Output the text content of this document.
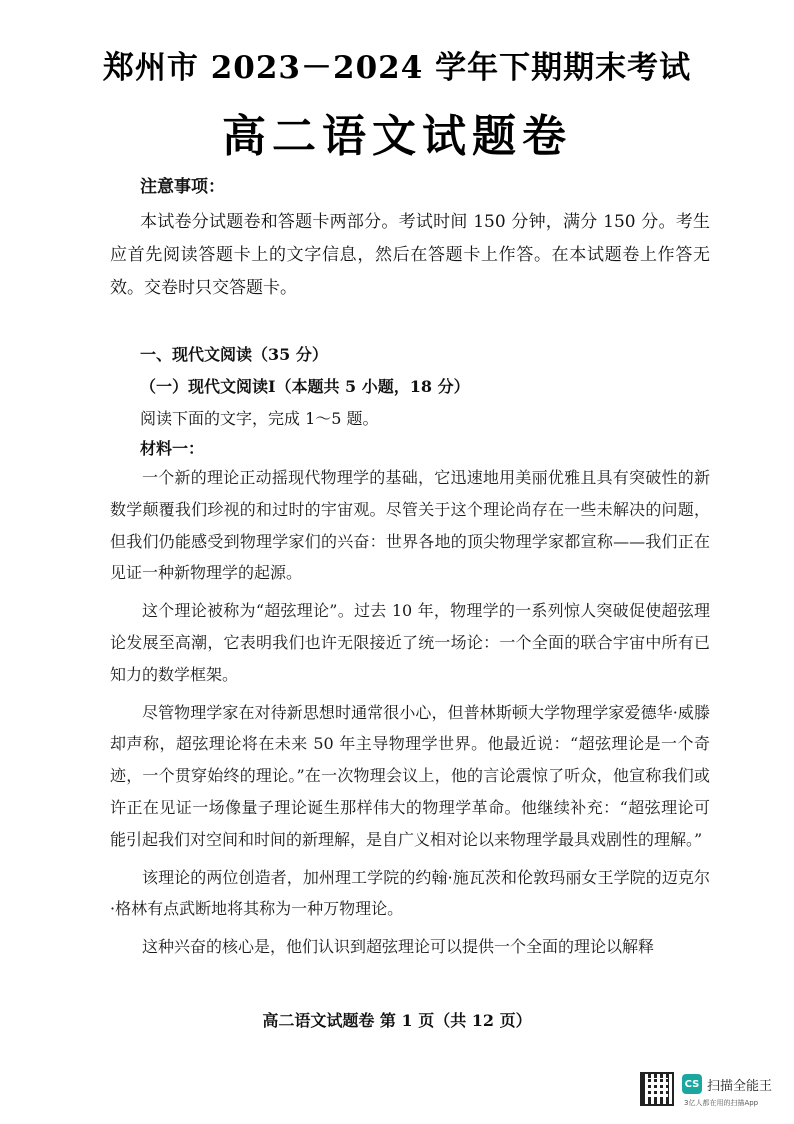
郑州市 2023－2024 学年下期期末考试
高二语文试题卷
注意事项：
本试卷分试题卷和答题卡两部分。考试时间 150 分钟，满分 150 分。考生应首先阅读答题卡上的文字信息，然后在答题卡上作答。在本试题卷上作答无效。交卷时只交答题卡。
一、现代文阅读（35 分）
（一）现代文阅读Ⅰ（本题共 5 小题，18 分）
阅读下面的文字，完成 1～5 题。
材料一：

一个新的理论正动摇现代物理学的基础，它迅速地用美丽优雅且具有突破性的新数学颠覆我们珍视的和过时的宇宙观。尽管关于这个理论尚存在一些未解决的问题，但我们仍能感受到物理学家们的兴奋：世界各地的顶尖物理学家都宣称——我们正在见证一种新物理学的起源。

这个理论被称为“超弦理论”。过去 10 年，物理学的一系列惊人突破促使超弦理论发展至高潮，它表明我们也许无限接近了统一场论：一个全面的联合宇宙中所有已知力的数学框架。

尽管物理学家在对待新思想时通常很小心，但普林斯顿大学物理学家爱德华·威滕却声称，超弦理论将在未来 50 年主导物理学世界。他最近说：“超弦理论是一个奇迹，一个贯穿始终的理论。”在一次物理会议上，他的言论震惊了听众，他宣称我们或许正在见证一场像量子理论诞生那样伟大的物理学革命。他继续补充：“超弦理论可能引起我们对空间和时间的新理解，是自广义相对论以来物理学最具戏剧性的理解。”

该理论的两位创造者，加州理工学院的约翰·施瓦茨和伦敦玛丽女王学院的迈克尔·格林有点武断地将其称为一种万物理论。

这种兴奋的核心是，他们认识到超弦理论可以提供一个全面的理论以解释

高二语文试题卷 第 1 页（共 12 页）
CS 扫描全能王
3亿人都在用的扫描App
